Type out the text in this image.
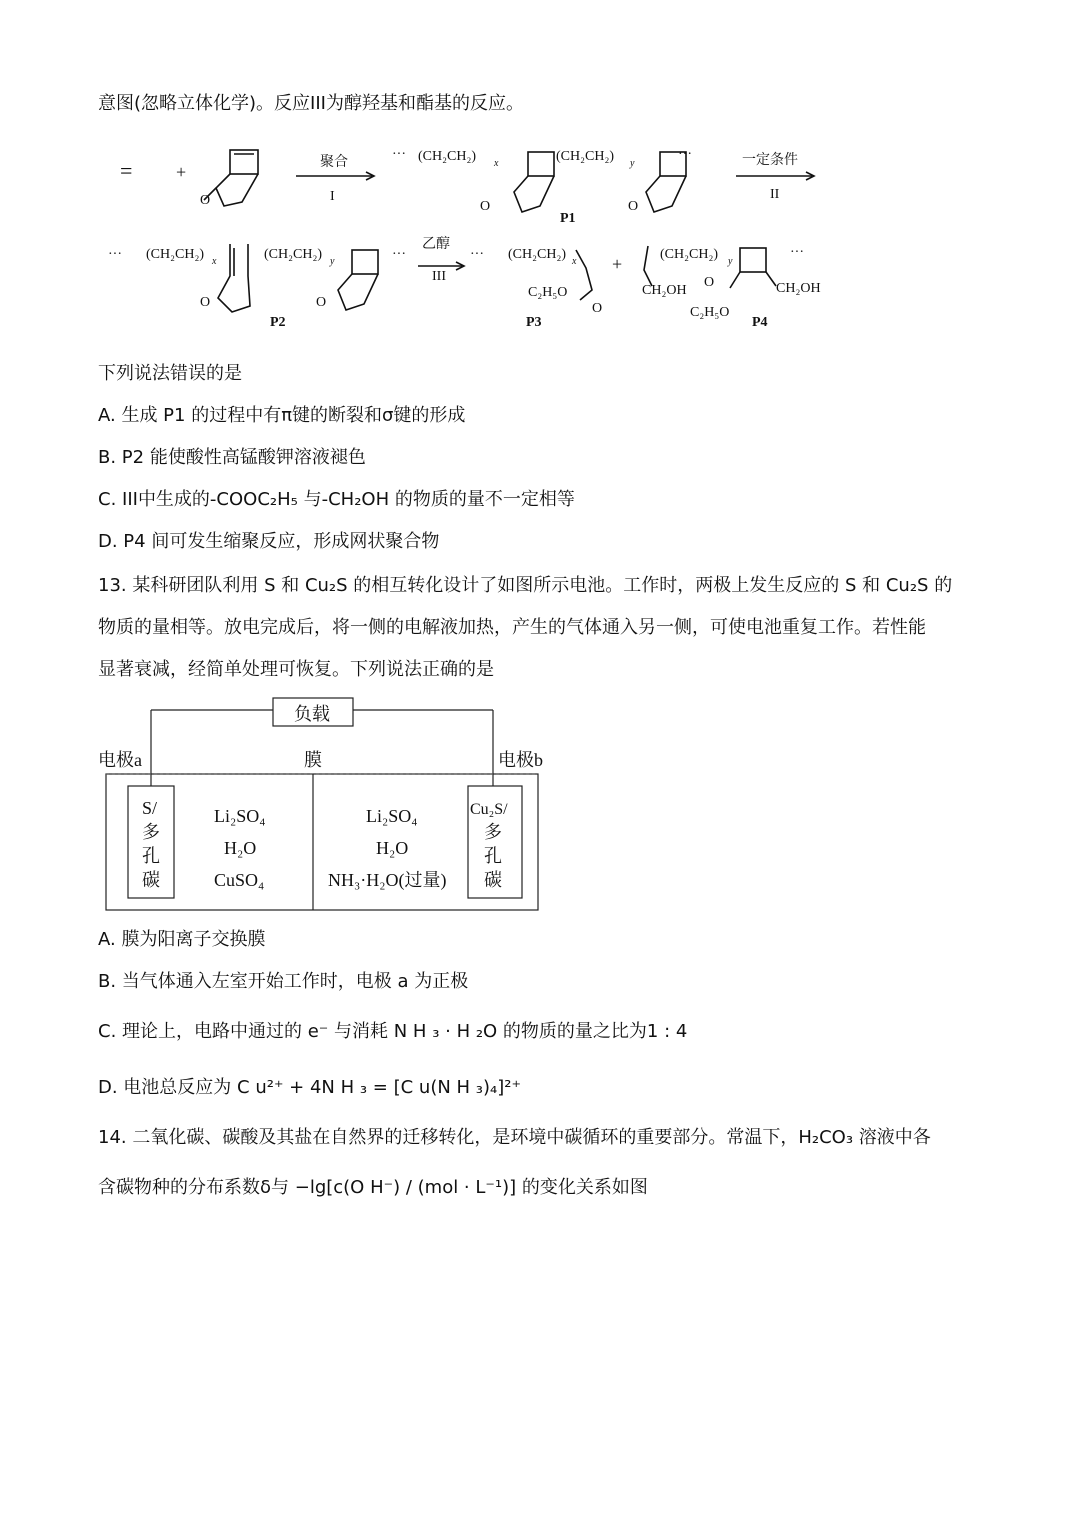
意图(忽略立体化学)。反应III为醇羟基和酯基的反应。
= +	聚合
I
O
··· (CH₂CH₂) x	(CH₂CH₂) y
···
O	O
P1
一定条件
II
··· (CH₂CH₂) x	(CH₂CH₂) y	···
O	O
P2
乙醇
III
··· (CH₂CH₂) x
C₂H₅O
O
P3
+	(CH₂CH₂) y
···
CH₂OH
O	CH₂OH
C₂H₅O
P4
下列说法错误的是
A. 生成 P1 的过程中有π键的断裂和σ键的形成
B. P2 能使酸性高锰酸钾溶液褪色
C. III中生成的-COOC₂H₅ 与-CH₂OH 的物质的量不一定相等
D. P4 间可发生缩聚反应，形成网状聚合物
13. 某科研团队利用 S 和 Cu₂S 的相互转化设计了如图所示电池。工作时，两极上发生反应的 S 和 Cu₂S 的
物质的量相等。放电完成后，将一侧的电解液加热，产生的气体通入另一侧，可使电池重复工作。若性能
显著衰减，经简单处理可恢复。下列说法正确的是
负载
电极a	膜	电极b
S/
多
孔
碳
Li₂SO₄
H₂O
CuSO₄
Li₂SO₄
H₂O
NH₃·H₂O(过量)
Cu₂S/
多
孔
碳
A. 膜为阳离子交换膜
B. 当气体通入左室开始工作时，电极 a 为正极
C. 理论上，电路中通过的 e⁻ 与消耗 N H ₃ · H ₂O 的物质的量之比为1 : 4
D. 电池总反应为 C u²⁺ + 4N H ₃ = [C u(N H ₃)₄]²⁺
14. 二氧化碳、碳酸及其盐在自然界的迁移转化，是环境中碳循环的重要部分。常温下，H₂CO₃ 溶液中各
含碳物种的分布系数δ与 −lg[c(O H⁻) / (mol · L⁻¹)] 的变化关系如图
